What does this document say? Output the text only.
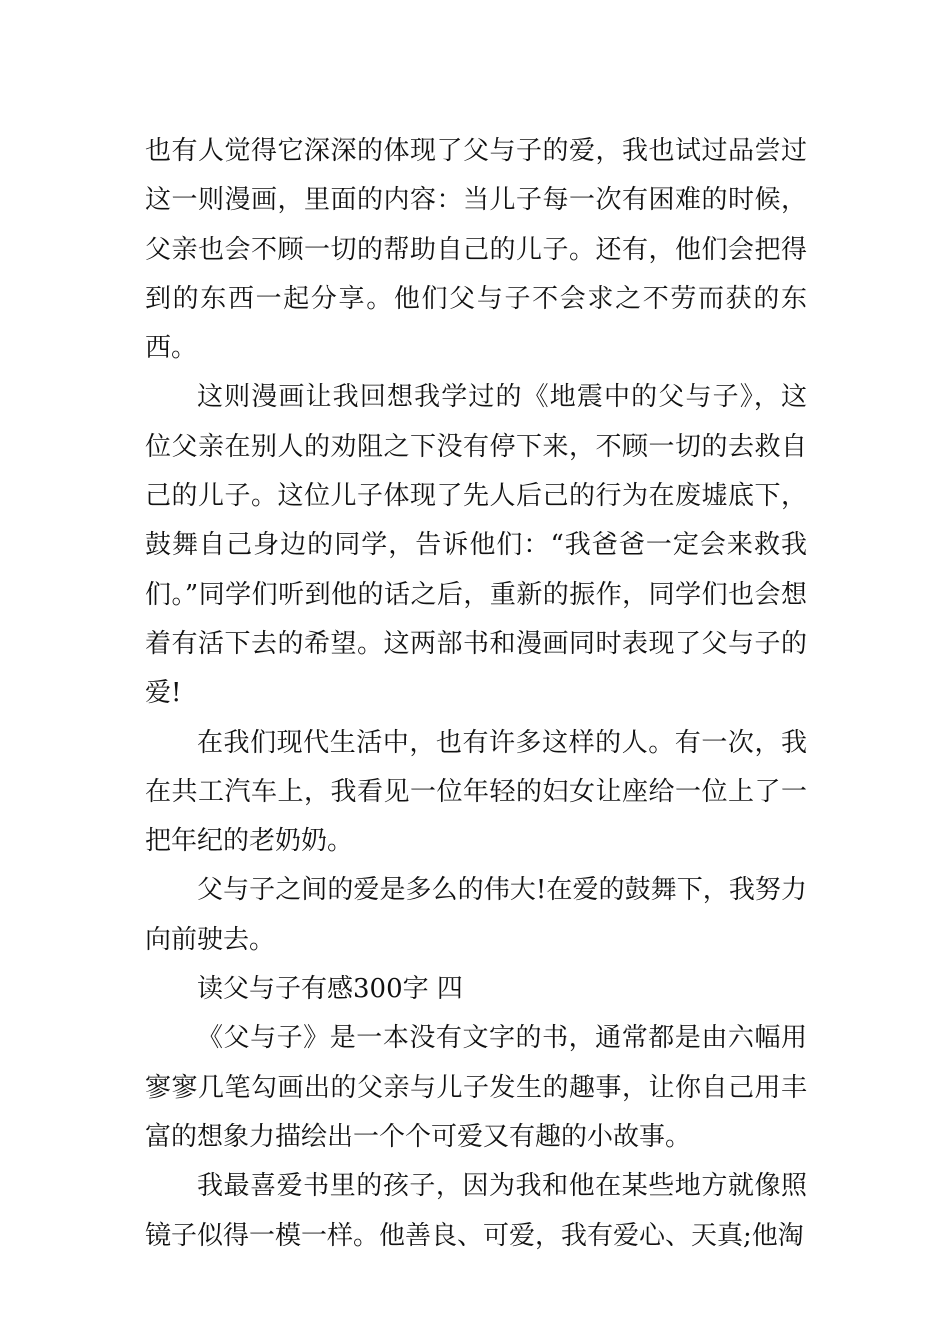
也有人觉得它深深的体现了父与子的爱，我也试过品尝过这一则漫画，里面的内容：当儿子每一次有困难的时候，父亲也会不顾一切的帮助自己的儿子。还有，他们会把得到的东西一起分享。他们父与子不会求之不劳而获的东西。

这则漫画让我回想我学过的《地震中的父与子》，这位父亲在别人的劝阻之下没有停下来，不顾一切的去救自己的儿子。这位儿子体现了先人后己的行为在废墟底下，鼓舞自己身边的同学，告诉他们：“我爸爸一定会来救我们。”同学们听到他的话之后，重新的振作，同学们也会想着有活下去的希望。这两部书和漫画同时表现了父与子的爱!

在我们现代生活中，也有许多这样的人。有一次，我在共工汽车上，我看见一位年轻的妇女让座给一位上了一把年纪的老奶奶。

父与子之间的爱是多么的伟大!在爱的鼓舞下，我努力向前驶去。

读父与子有感300字 四

《父与子》是一本没有文字的书，通常都是由六幅用寥寥几笔勾画出的父亲与儿子发生的趣事，让你自己用丰富的想象力描绘出一个个可爱又有趣的小故事。

我最喜爱书里的孩子，因为我和他在某些地方就像照镜子似得一模一样。他善良、可爱，我有爱心、天真;他淘
